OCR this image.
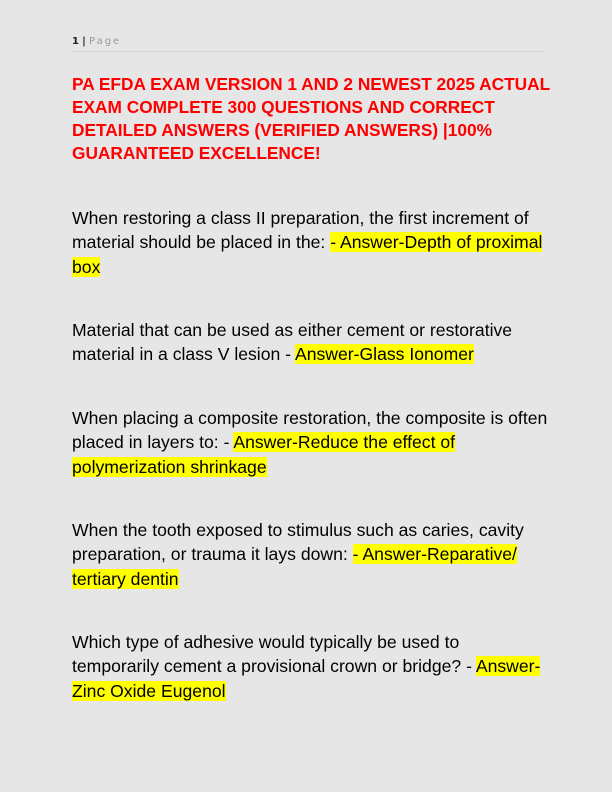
1 | Page
PA EFDA EXAM VERSION 1 AND 2 NEWEST 2025 ACTUAL EXAM COMPLETE 300 QUESTIONS AND CORRECT DETAILED ANSWERS (VERIFIED ANSWERS) |100% GUARANTEED EXCELLENCE!
When restoring a class II preparation, the first increment of material should be placed in the: - Answer-Depth of proximal box
Material that can be used as either cement or restorative material in a class V lesion - Answer-Glass Ionomer
When placing a composite restoration, the composite is often placed in layers to: - Answer-Reduce the effect of polymerization shrinkage
When the tooth exposed to stimulus such as caries, cavity preparation, or trauma it lays down: - Answer-Reparative/ tertiary dentin
Which type of adhesive would typically be used to temporarily cement a provisional crown or bridge? - Answer-Zinc Oxide Eugenol
